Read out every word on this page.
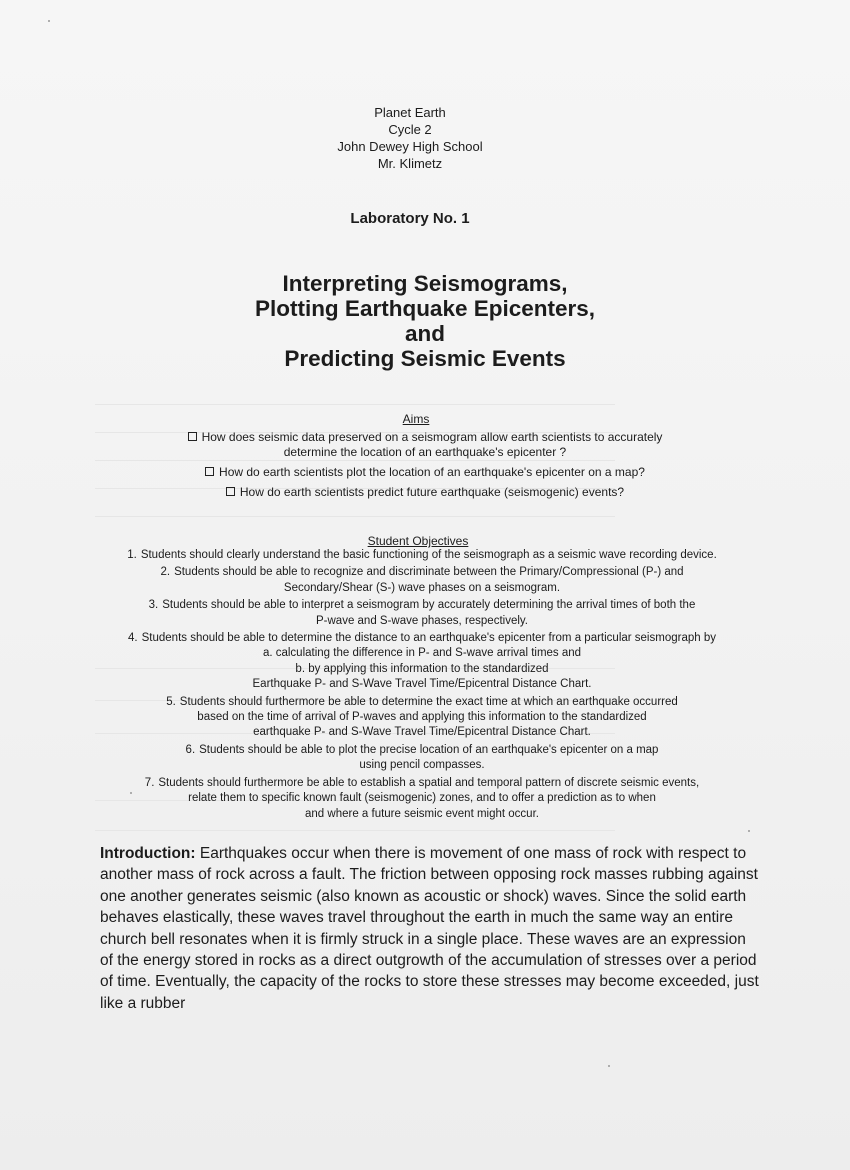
Planet Earth
Cycle 2
John Dewey High School
Mr. Klimetz
Laboratory No. 1
Interpreting Seismograms,
Plotting Earthquake Epicenters,
and
Predicting Seismic Events
Aims
How does seismic data preserved on a seismogram allow earth scientists to accurately determine the location of an earthquake's epicenter ?
How do earth scientists plot the location of an earthquake's epicenter on a map?
How do earth scientists predict future earthquake (seismogenic) events?
Student Objectives
1. Students should clearly understand the basic functioning of the seismograph as a seismic wave recording device.
2. Students should be able to recognize and discriminate between the Primary/Compressional (P-) and
Secondary/Shear (S-) wave phases on a seismogram.
3. Students should be able to interpret a seismogram by accurately determining the arrival times of both the
P-wave and S-wave phases, respectively.
4. Students should be able to determine the distance to an earthquake's epicenter from a particular seismograph by
a. calculating the difference in P- and S-wave arrival times and
b. by applying this information to the standardized
Earthquake P- and S-Wave Travel Time/Epicentral Distance Chart.
5. Students should furthermore be able to determine the exact time at which an earthquake occurred
based on the time of arrival of P-waves and applying this information to the standardized
earthquake P- and S-Wave Travel Time/Epicentral Distance Chart.
6. Students should be able to plot the precise location of an earthquake's epicenter on a map
using pencil compasses.
7. Students should furthermore be able to establish a spatial and temporal pattern of discrete seismic events,
relate them to specific known fault (seismogenic) zones, and to offer a prediction as to when
and where a future seismic event might occur.
Introduction: Earthquakes occur when there is movement of one mass of rock with respect to another mass of rock across a fault. The friction between opposing rock masses rubbing against one another generates seismic (also known as acoustic or shock) waves. Since the solid earth behaves elastically, these waves travel throughout the earth in much the same way an entire church bell resonates when it is firmly struck in a single place. These waves are an expression of the energy stored in rocks as a direct outgrowth of the accumulation of stresses over a period of time. Eventually, the capacity of the rocks to store these stresses may become exceeded, just like a rubber
